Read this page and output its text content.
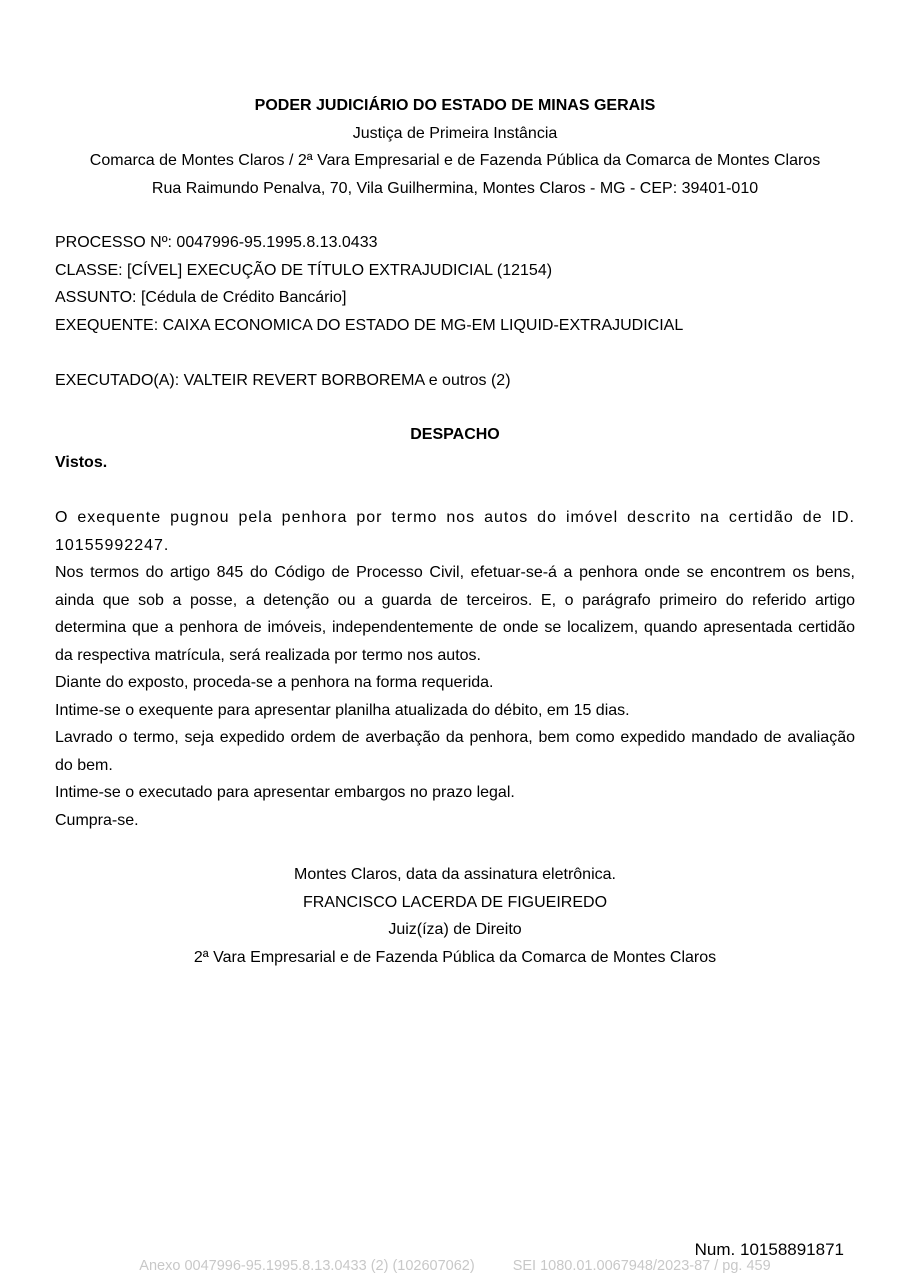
PODER JUDICIÁRIO DO ESTADO DE MINAS GERAIS
Justiça de Primeira Instância
Comarca de Montes Claros / 2ª Vara Empresarial e de Fazenda Pública da Comarca de Montes Claros
Rua Raimundo Penalva, 70, Vila Guilhermina, Montes Claros - MG - CEP: 39401-010
PROCESSO Nº: 0047996-95.1995.8.13.0433
CLASSE: [CÍVEL] EXECUÇÃO DE TÍTULO EXTRAJUDICIAL (12154)
ASSUNTO: [Cédula de Crédito Bancário]
EXEQUENTE: CAIXA ECONOMICA DO ESTADO DE MG-EM LIQUID-EXTRAJUDICIAL
EXECUTADO(A): VALTEIR REVERT BORBOREMA e outros (2)
DESPACHO
Vistos.

O exequente pugnou pela penhora por termo nos autos do imóvel descrito na certidão de ID. 10155992247.

Nos termos do artigo 845 do Código de Processo Civil, efetuar-se-á a penhora onde se encontrem os bens, ainda que sob a posse, a detenção ou a guarda de terceiros. E, o parágrafo primeiro do referido artigo determina que a penhora de imóveis, independentemente de onde se localizem, quando apresentada certidão da respectiva matrícula, será realizada por termo nos autos.

Diante do exposto, proceda-se a penhora na forma requerida.

Intime-se o exequente para apresentar planilha atualizada do débito, em 15 dias.

Lavrado o termo, seja expedido ordem de averbação da penhora, bem como expedido mandado de avaliação do bem.

Intime-se o executado para apresentar embargos no prazo legal.

Cumpra-se.

Montes Claros, data da assinatura eletrônica.
FRANCISCO LACERDA DE FIGUEIREDO
Juiz(íza) de Direito
2ª Vara Empresarial e de Fazenda Pública da Comarca de Montes Claros
Num. 10158891871
Anexo 0047996-95.1995.8.13.0433 (2) (102607062)	SEI 1080.01.0067948/2023-87 / pg. 459
